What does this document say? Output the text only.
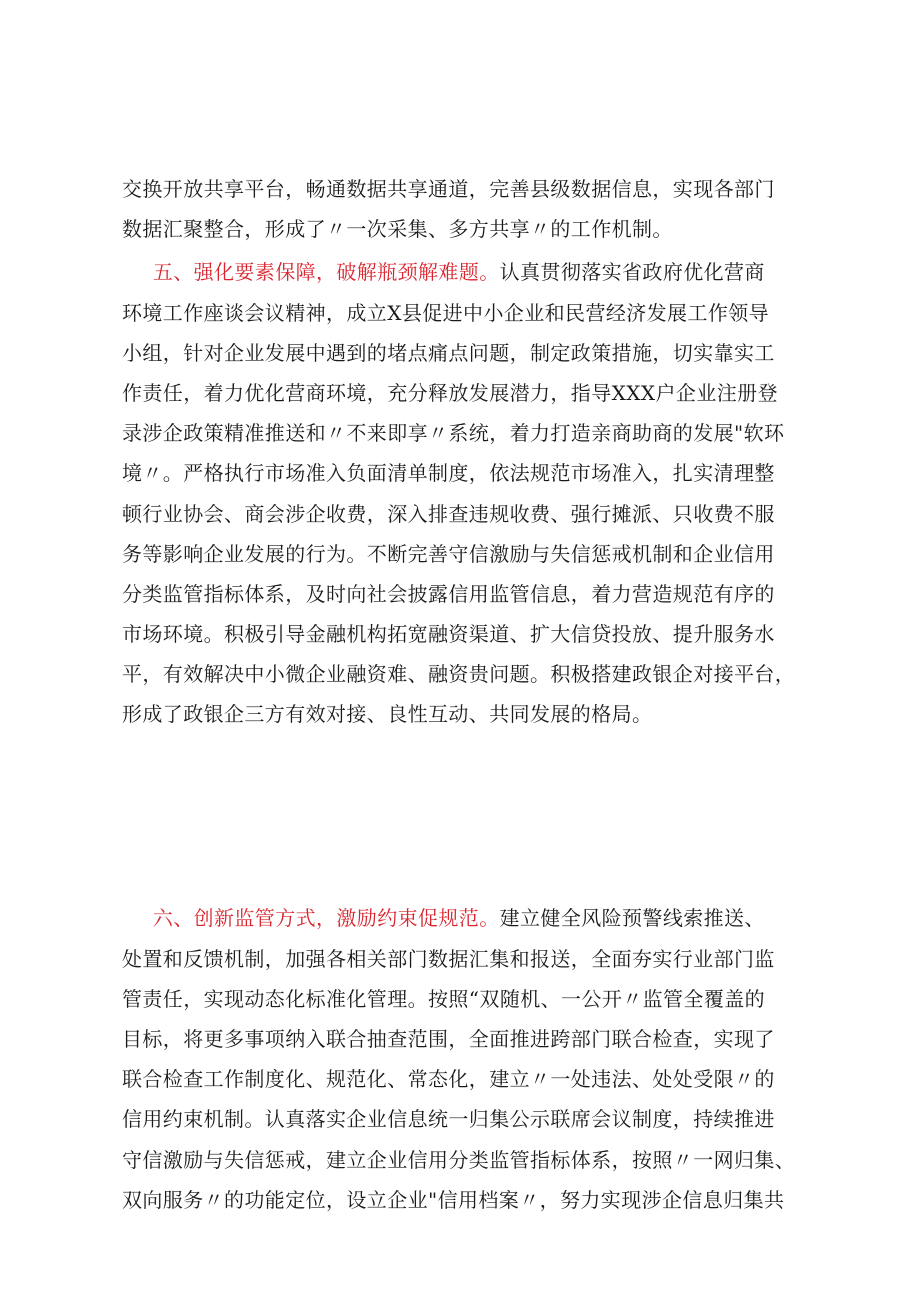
交换开放共享平台，畅通数据共享通道，完善县级数据信息，实现各部门
数据汇聚整合，形成了〃一次采集、多方共享〃的工作机制。
  五、强化要素保障，破解瓶颈解难题。认真贯彻落实省政府优化营商
环境工作座谈会议精神，成立X县促进中小企业和民营经济发展工作领导
小组，针对企业发展中遇到的堵点痛点问题，制定政策措施，切实靠实工
作责任，着力优化营商环境，充分释放发展潜力，指导XXX户企业注册登
录涉企政策精准推送和〃不来即享〃系统，着力打造亲商助商的发展"软环
境〃。严格执行市场准入负面清单制度，依法规范市场准入，扎实清理整
顿行业协会、商会涉企收费，深入排查违规收费、强行摊派、只收费不服
务等影响企业发展的行为。不断完善守信激励与失信惩戒机制和企业信用
分类监管指标体系，及时向社会披露信用监管信息，着力营造规范有序的
市场环境。积极引导金融机构拓宽融资渠道、扩大信贷投放、提升服务水
平，有效解决中小微企业融资难、融资贵问题。积极搭建政银企对接平台，
形成了政银企三方有效对接、良性互动、共同发展的格局。
  六、创新监管方式，激励约束促规范。建立健全风险预警线索推送、
处置和反馈机制，加强各相关部门数据汇集和报送，全面夯实行业部门监
管责任，实现动态化标准化管理。按照“双随机、一公开〃监管全覆盖的
目标，将更多事项纳入联合抽查范围，全面推进跨部门联合检查，实现了
联合检查工作制度化、规范化、常态化，建立〃一处违法、处处受限〃的
信用约束机制。认真落实企业信息统一归集公示联席会议制度，持续推进
守信激励与失信惩戒，建立企业信用分类监管指标体系，按照〃一网归集、
双向服务〃的功能定位，设立企业"信用档案〃，努力实现涉企信息归集共
